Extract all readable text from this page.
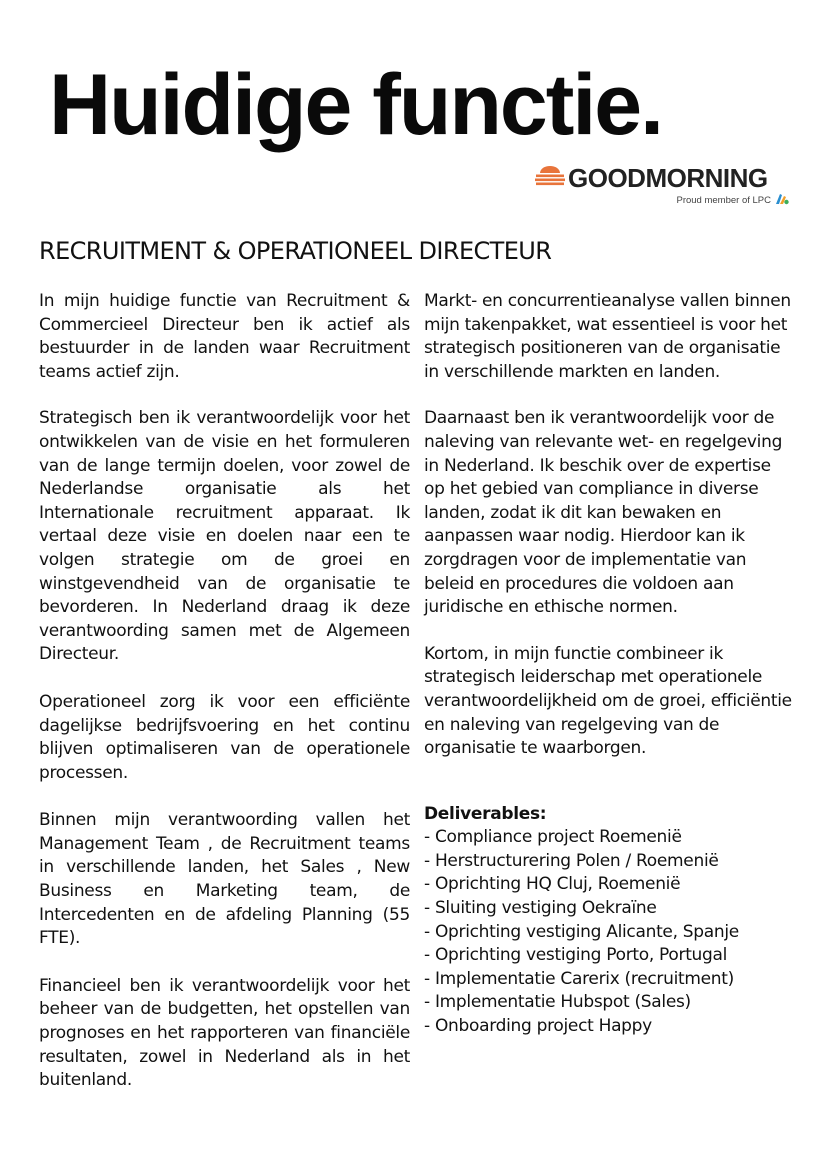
Huidige functie.
GOODMORNING
Proud member of LPC
RECRUITMENT & OPERATIONEEL DIRECTEUR

In mijn huidige functie van Recruitment & Commercieel Directeur ben ik actief als bestuurder in de landen waar Recruitment teams actief zijn.

Strategisch ben ik verantwoordelijk voor het ontwikkelen van de visie en het formuleren van de lange termijn doelen, voor zowel de Nederlandse organisatie als het Internationale recruitment apparaat. Ik vertaal deze visie en doelen naar een te volgen strategie om de groei en winstgevendheid van de organisatie te bevorderen. In Nederland draag ik deze verantwoording samen met de Algemeen Directeur.

Operationeel zorg ik voor een efficiënte dagelijkse bedrijfsvoering en het continu blijven optimaliseren van de operationele processen.

Binnen mijn verantwoording vallen het Management Team , de Recruitment teams in verschillende landen, het Sales , New Business en Marketing team, de Intercedenten en de afdeling Planning (55 FTE).

Financieel ben ik verantwoordelijk voor het beheer van de budgetten, het opstellen van prognoses en het rapporteren van financiële resultaten, zowel in Nederland als in het buitenland.

Markt- en concurrentieanalyse vallen binnen mijn takenpakket, wat essentieel is voor het strategisch positioneren van de organisatie in verschillende markten en landen.

Daarnaast ben ik verantwoordelijk voor de naleving van relevante wet- en regelgeving in Nederland. Ik beschik over de expertise op het gebied van compliance in diverse landen, zodat ik dit kan bewaken en aanpassen waar nodig. Hierdoor kan ik zorgdragen voor de implementatie van beleid en procedures die voldoen aan juridische en ethische normen.

Kortom, in mijn functie combineer ik strategisch leiderschap met operationele verantwoordelijkheid om de groei, efficiëntie en naleving van regelgeving van de organisatie te waarborgen.

Deliverables:
- Compliance project Roemenië
- Herstructurering Polen / Roemenië
- Oprichting HQ Cluj, Roemenië
- Sluiting vestiging Oekraïne
- Oprichting vestiging Alicante, Spanje
- Oprichting vestiging Porto, Portugal
- Implementatie Carerix (recruitment)
- Implementatie Hubspot (Sales)
- Onboarding project Happy
